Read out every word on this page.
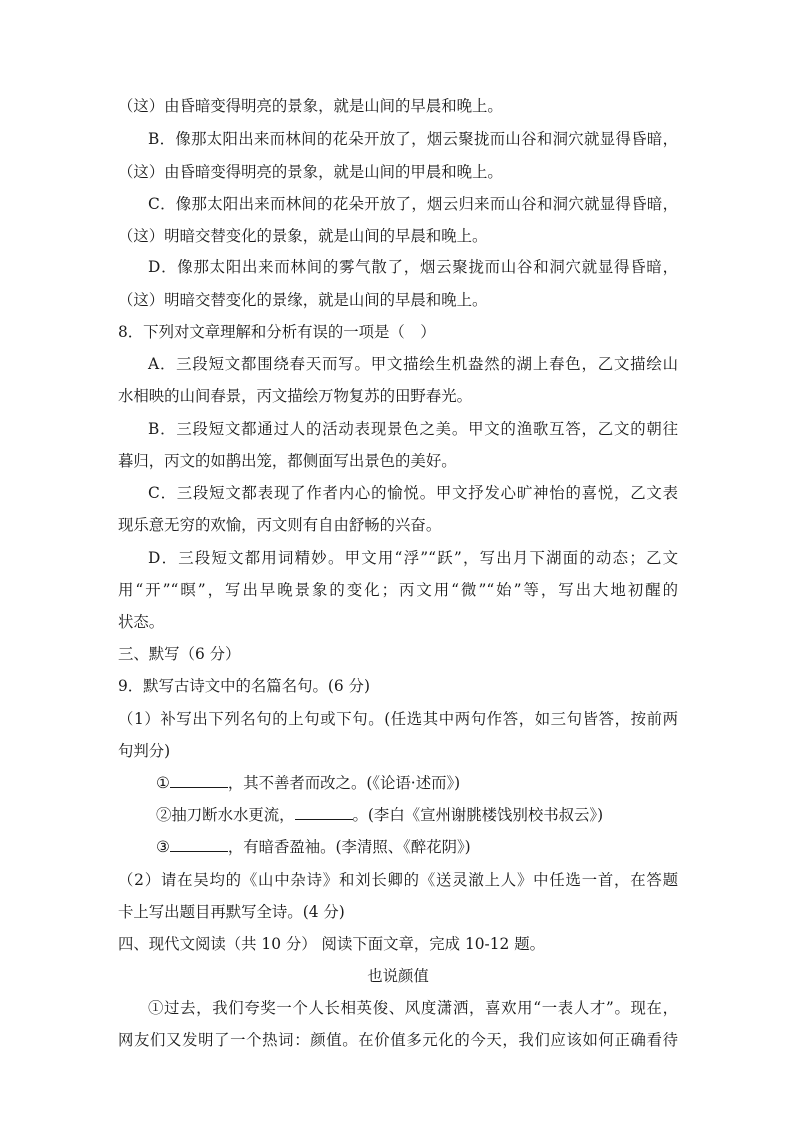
（这）由昏暗变得明亮的景象，就是山间的早晨和晚上。
B．像那太阳出来而林间的花朵开放了，烟云聚拢而山谷和洞穴就显得昏暗，
（这）由昏暗变得明亮的景象，就是山间的甲晨和晚上。
C．像那太阳出来而林间的花朵开放了，烟云归来而山谷和洞穴就显得昏暗，
（这）明暗交替变化的景象，就是山间的早晨和晚上。
D．像那太阳出来而林间的雾气散了，烟云聚拢而山谷和洞穴就显得昏暗，
（这）明暗交替变化的景缘，就是山间的早晨和晚上。
8．下列对文章理解和分析有误的一项是（　）
A．三段短文都围绕春天而写。甲文描绘生机盎然的湖上春色，乙文描绘山
水相映的山间春景，丙文描绘万物复苏的田野春光。
B．三段短文都通过人的活动表现景色之美。甲文的渔歌互答，乙文的朝往
暮归，丙文的如鹊出笼，都侧面写出景色的美好。
C．三段短文都表现了作者内心的愉悦。甲文抒发心旷神怡的喜悦，乙文表
现乐意无穷的欢愉，丙文则有自由舒畅的兴奋。
D．三段短文都用词精妙。甲文用“浮”“跃”，写出月下湖面的动态；乙文
用“开”“暝”，写出早晚景象的变化；丙文用“微”“始”等，写出大地初醒的
状态。
三、默写（6 分）
9．默写古诗文中的名篇名句。(6 分)
（1）补写出下列名句的上句或下句。(任选其中两句作答，如三句皆答，按前两
句判分)
①	，其不善者而改之。(《论语·述而》)
②抽刀断水水更流，	。(李白《宣州谢朓楼饯别校书叔云》)
③	，有暗香盈袖。(李清照、《醉花阴》)
（2）请在吴均的《山中杂诗》和刘长卿的《送灵澈上人》中任选一首，在答题
卡上写出题目再默写全诗。(4 分)
四、现代文阅读（共 10 分） 阅读下面文章，完成 10-12 题。
也说颜值
①过去，我们夸奖一个人长相英俊、风度潇洒，喜欢用“一表人才”。现在，
网友们又发明了一个热词：颜值。在价值多元化的今天，我们应该如何正确看待
